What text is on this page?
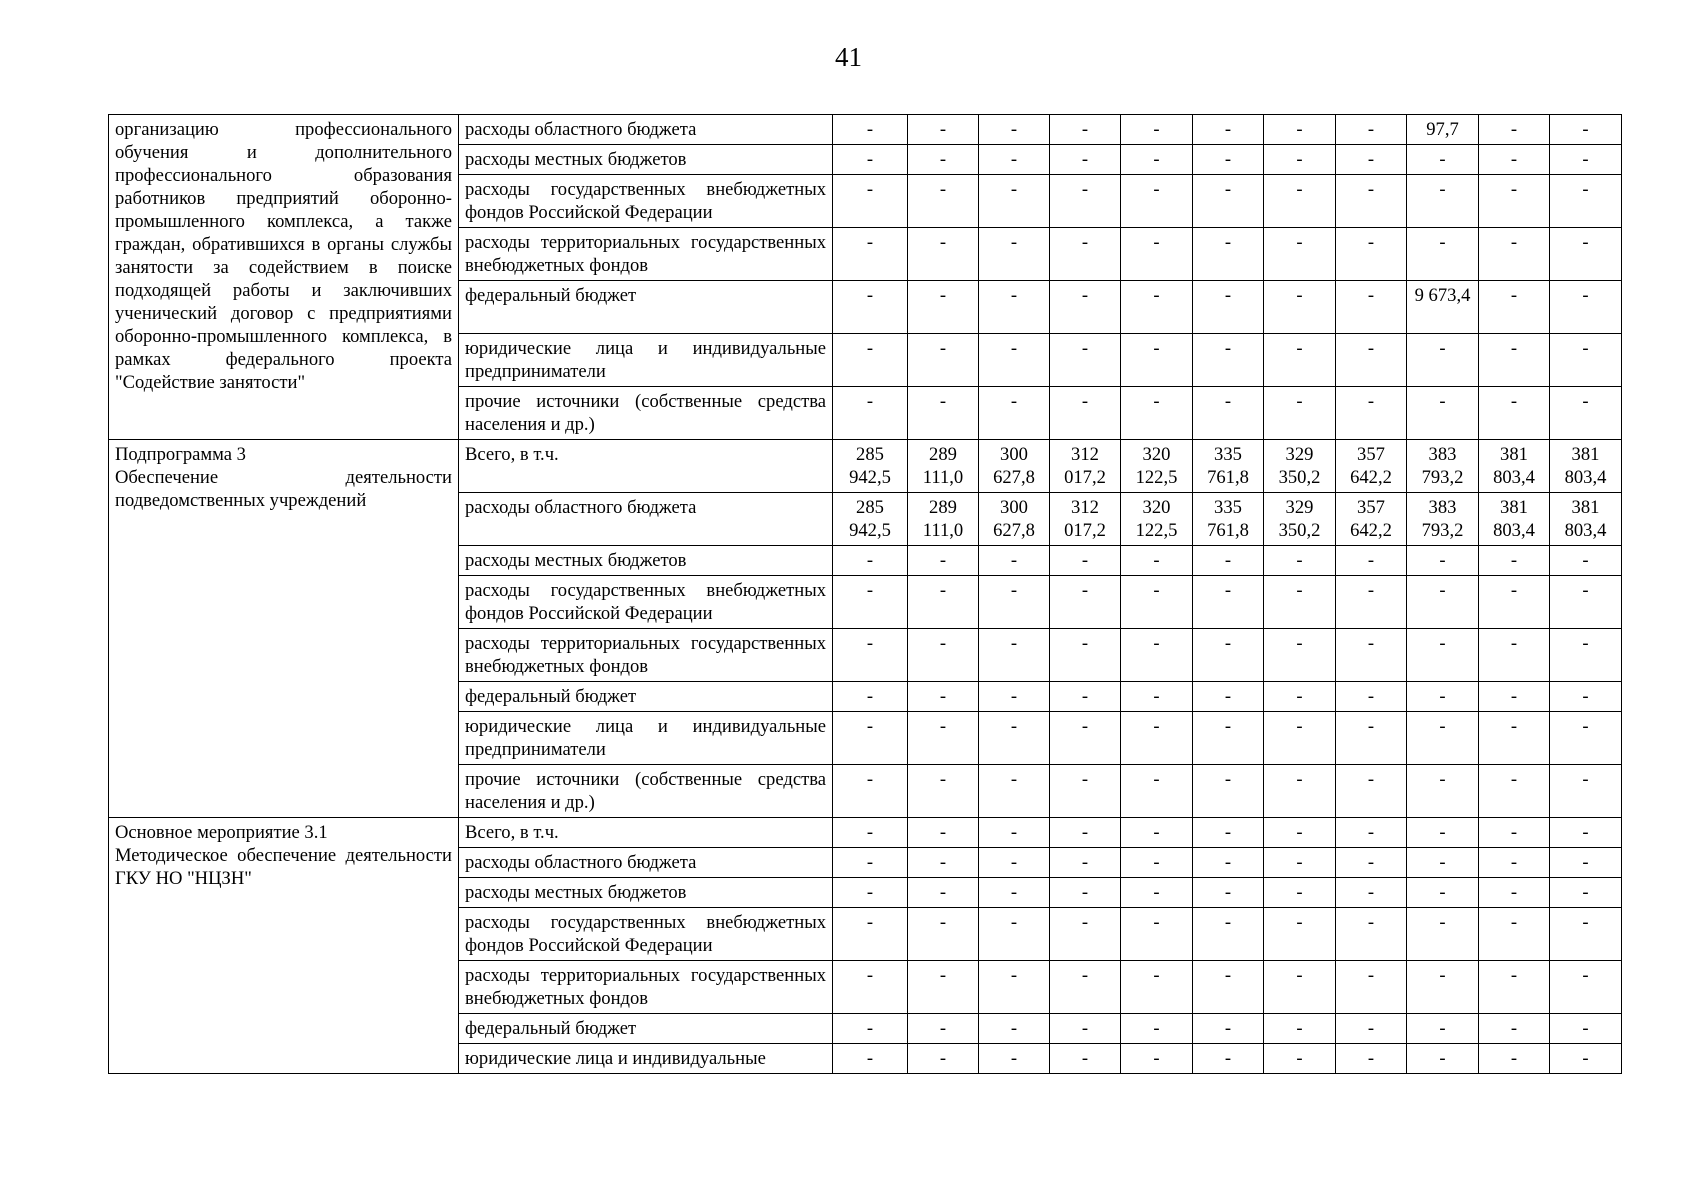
41
организацию профессионального обучения и дополнительного профессионального образования работников предприятий оборонно-промышленного комплекса, а также граждан, обратившихся в органы службы занятости за содействием в поиске подходящей работы и заключивших ученический договор с предприятиями оборонно-промышленного комплекса, в рамках федерального проекта "Содействие занятости"	расходы областного бюджета	-	-	-	-	-	-	-	-	97,7	-	-
	расходы местных бюджетов	-	-	-	-	-	-	-	-	-	-	-
	расходы государственных внебюджетных фондов Российской Федерации	-	-	-	-	-	-	-	-	-	-	-
	расходы территориальных государственных внебюджетных фондов	-	-	-	-	-	-	-	-	-	-	-
	федеральный бюджет	-	-	-	-	-	-	-	-	9 673,4	-	-
	юридические лица и индивидуальные предприниматели	-	-	-	-	-	-	-	-	-	-	-
	прочие источники (собственные средства населения и др.)	-	-	-	-	-	-	-	-	-	-	-

Подпрограмма 3
Обеспечение деятельности подведомственных учреждений	Всего, в т.ч.	285 942,5	289 111,0	300 627,8	312 017,2	320 122,5	335 761,8	329 350,2	357 642,2	383 793,2	381 803,4	381 803,4
	расходы областного бюджета	285 942,5	289 111,0	300 627,8	312 017,2	320 122,5	335 761,8	329 350,2	357 642,2	383 793,2	381 803,4	381 803,4
	расходы местных бюджетов	-	-	-	-	-	-	-	-	-	-	-
	расходы государственных внебюджетных фондов Российской Федерации	-	-	-	-	-	-	-	-	-	-	-
	расходы территориальных государственных внебюджетных фондов	-	-	-	-	-	-	-	-	-	-	-
	федеральный бюджет	-	-	-	-	-	-	-	-	-	-	-
	юридические лица и индивидуальные предприниматели	-	-	-	-	-	-	-	-	-	-	-
	прочие источники (собственные средства населения и др.)	-	-	-	-	-	-	-	-	-	-	-

Основное мероприятие 3.1
Методическое обеспечение деятельности ГКУ НО "НЦЗН"	Всего, в т.ч.	-	-	-	-	-	-	-	-	-	-	-
	расходы областного бюджета	-	-	-	-	-	-	-	-	-	-	-
	расходы местных бюджетов	-	-	-	-	-	-	-	-	-	-	-
	расходы государственных внебюджетных фондов Российской Федерации	-	-	-	-	-	-	-	-	-	-	-
	расходы территориальных государственных внебюджетных фондов	-	-	-	-	-	-	-	-	-	-	-
	федеральный бюджет	-	-	-	-	-	-	-	-	-	-	-
	юридические лица и индивидуальные	-	-	-	-	-	-	-	-	-	-	-
